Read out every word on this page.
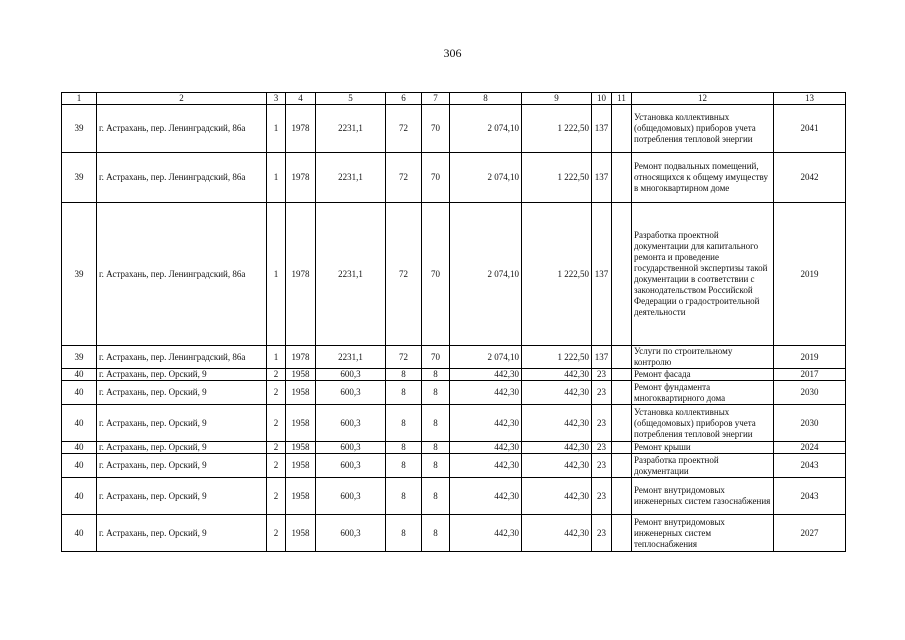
306
1	2	3	4	5	6	7	8	9	10	11	12	13
39	г. Астрахань, пер. Ленинградский, 86а	1	1978	2231,1	72	70	2 074,10	1 222,50	137		Установка коллективных (общедомовых) приборов учета потребления тепловой энергии	2041
39	г. Астрахань, пер. Ленинградский, 86а	1	1978	2231,1	72	70	2 074,10	1 222,50	137		Ремонт подвальных помещений, относящихся к общему имуществу в многоквартирном доме	2042
39	г. Астрахань, пер. Ленинградский, 86а	1	1978	2231,1	72	70	2 074,10	1 222,50	137		Разработка проектной документации для капитального ремонта и проведение государственной экспертизы такой документации в соответствии с законодательством Российской Федерации о градостроительной деятельности	2019
39	г. Астрахань, пер. Ленинградский, 86а	1	1978	2231,1	72	70	2 074,10	1 222,50	137		Услуги по строительному контролю	2019
40	г. Астрахань, пер. Орский, 9	2	1958	600,3	8	8	442,30	442,30	23		Ремонт фасада	2017
40	г. Астрахань, пер. Орский, 9	2	1958	600,3	8	8	442,30	442,30	23		Ремонт фундамента многоквартирного дома	2030
40	г. Астрахань, пер. Орский, 9	2	1958	600,3	8	8	442,30	442,30	23		Установка коллективных (общедомовых) приборов учета потребления тепловой энергии	2030
40	г. Астрахань, пер. Орский, 9	2	1958	600,3	8	8	442,30	442,30	23		Ремонт крыши	2024
40	г. Астрахань, пер. Орский, 9	2	1958	600,3	8	8	442,30	442,30	23		Разработка проектной документации	2043
40	г. Астрахань, пер. Орский, 9	2	1958	600,3	8	8	442,30	442,30	23		Ремонт внутридомовых инженерных систем газоснабжения	2043
40	г. Астрахань, пер. Орский, 9	2	1958	600,3	8	8	442,30	442,30	23		Ремонт внутридомовых инженерных систем теплоснабжения	2027
